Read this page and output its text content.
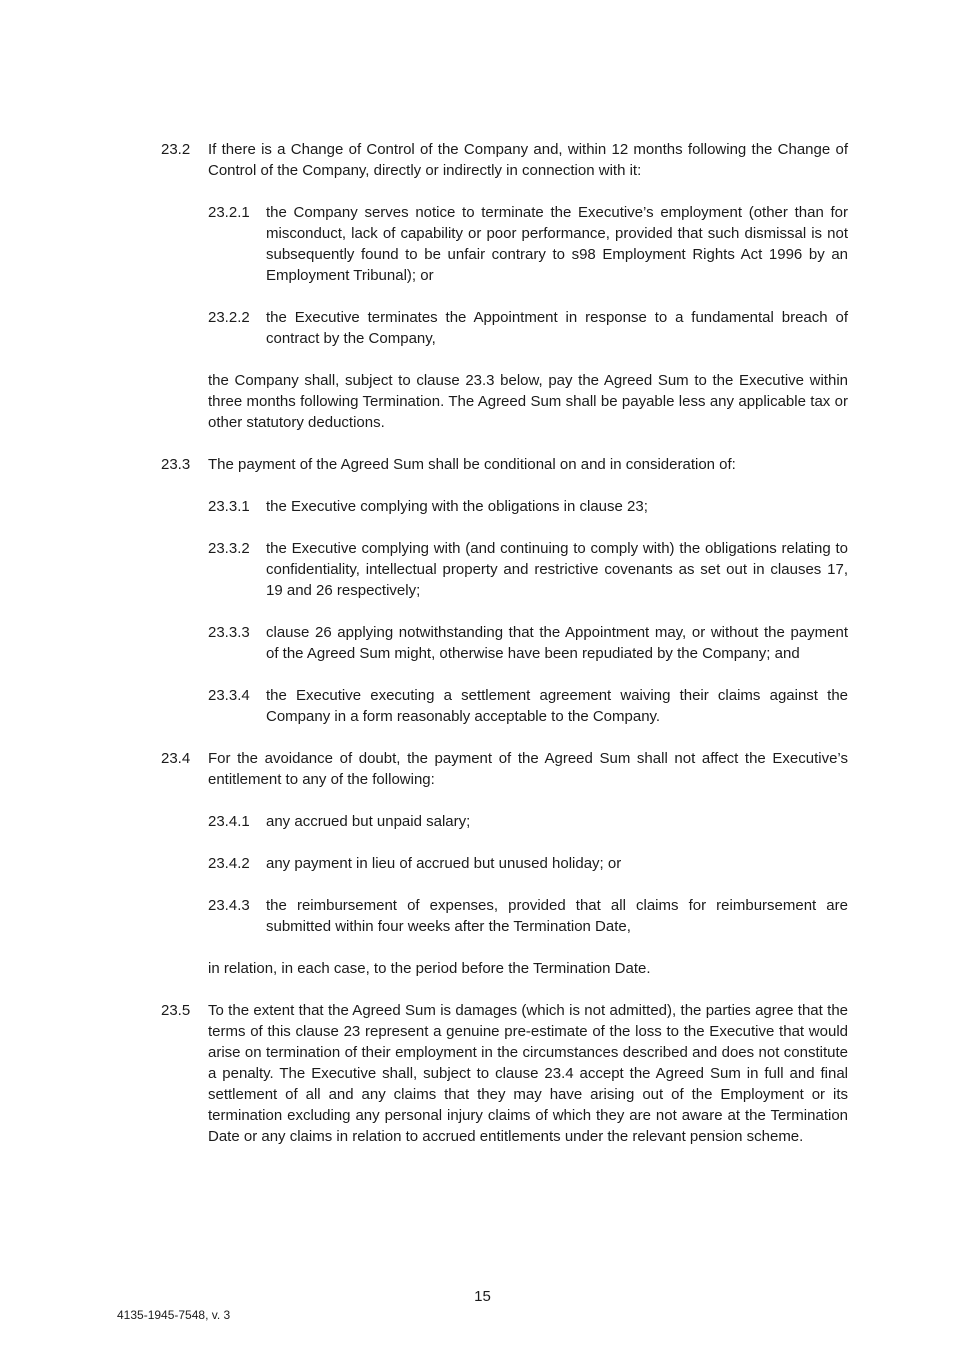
23.2	If there is a Change of Control of the Company and, within 12 months following the Change of Control of the Company, directly or indirectly in connection with it:
23.2.1	the Company serves notice to terminate the Executive’s employment (other than for misconduct, lack of capability or poor performance, provided that such dismissal is not subsequently found to be unfair contrary to s98 Employment Rights Act 1996 by an Employment Tribunal); or
23.2.2	the Executive terminates the Appointment in response to a fundamental breach of contract by the Company,
the Company shall, subject to clause 23.3 below, pay the Agreed Sum to the Executive within three months following Termination. The Agreed Sum shall be payable less any applicable tax or other statutory deductions.
23.3	The payment of the Agreed Sum shall be conditional on and in consideration of:
23.3.1	the Executive complying with the obligations in clause 23;
23.3.2	the Executive complying with (and continuing to comply with) the obligations relating to confidentiality, intellectual property and restrictive covenants as set out in clauses 17, 19 and 26 respectively;
23.3.3	clause 26 applying notwithstanding that the Appointment may, or without the payment of the Agreed Sum might, otherwise have been repudiated by the Company; and
23.3.4	the Executive executing a settlement agreement waiving their claims against the Company in a form reasonably acceptable to the Company.
23.4	For the avoidance of doubt, the payment of the Agreed Sum shall not affect the Executive’s entitlement to any of the following:
23.4.1	any accrued but unpaid salary;
23.4.2	any payment in lieu of accrued but unused holiday; or
23.4.3	the reimbursement of expenses, provided that all claims for reimbursement are submitted within four weeks after the Termination Date,
in relation, in each case, to the period before the Termination Date.
23.5	To the extent that the Agreed Sum is damages (which is not admitted), the parties agree that the terms of this clause 23 represent a genuine pre-estimate of the loss to the Executive that would arise on termination of their employment in the circumstances described and does not constitute a penalty. The Executive shall, subject to clause 23.4 accept the Agreed Sum in full and final settlement of all and any claims that they may have arising out of the Employment or its termination excluding any personal injury claims of which they are not aware at the Termination Date or any claims in relation to accrued entitlements under the relevant pension scheme.
15
4135-1945-7548, v. 3
